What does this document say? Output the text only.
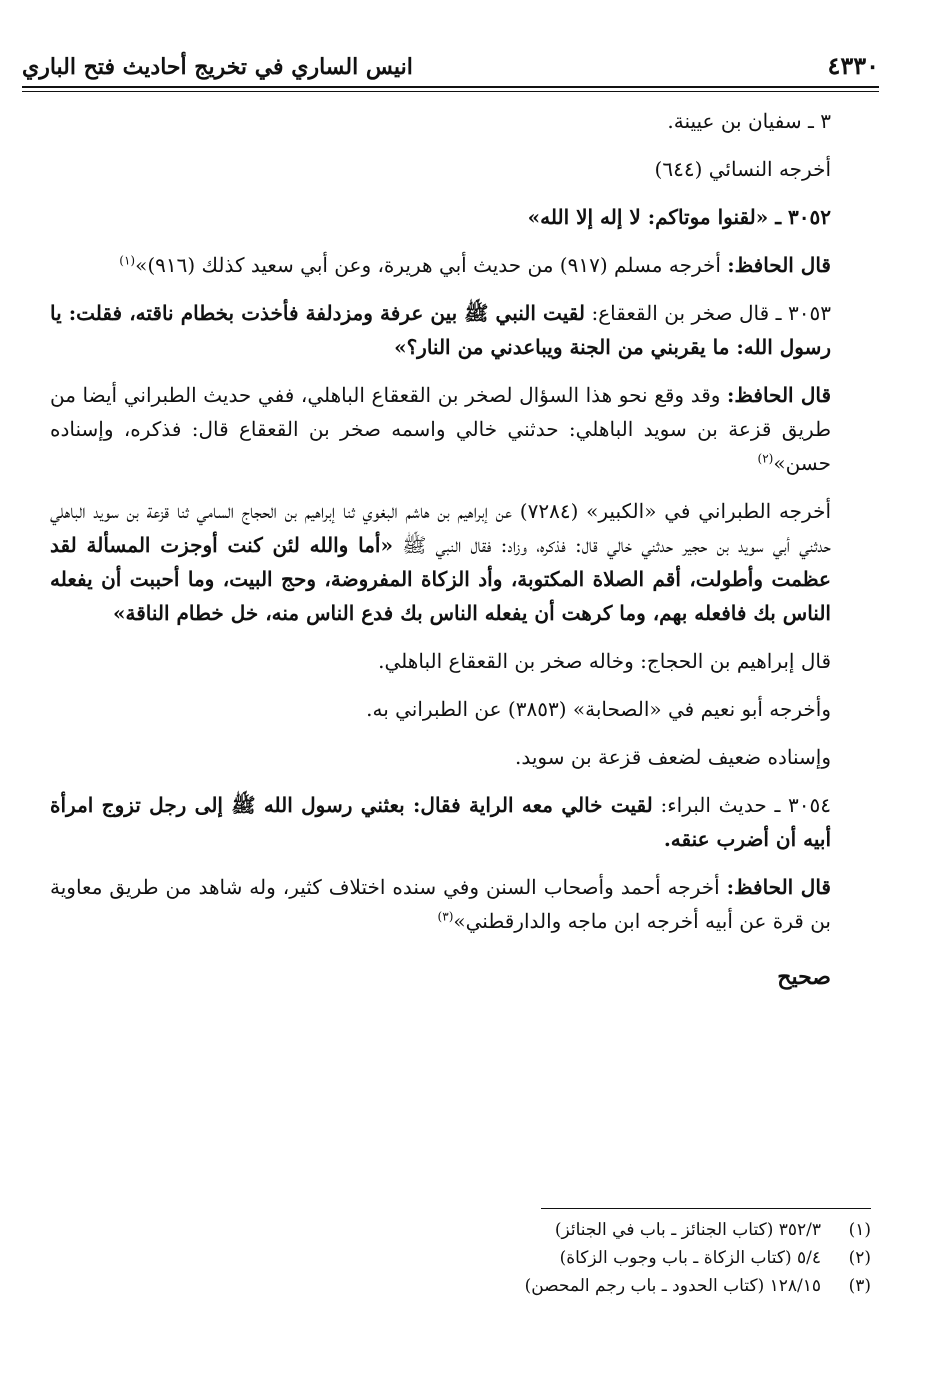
٤٣٣٠
انيس الساري في تخريج أحاديث فتح الباري

٣ ـ سفيان بن عيينة.

أخرجه النسائي (٦٤٤)

٣٠٥٢ ـ «لقنوا موتاكم: لا إله إلا الله»

قال الحافظ: أخرجه مسلم (٩١٧) من حديث أبي هريرة، وعن أبي سعيد كذلك (٩١٦)»$^{(١)}$

٣٠٥٣ ـ قال صخر بن القعقاع: لقيت النبي ﷺ بين عرفة ومزدلفة فأخذت بخطام ناقته، فقلت: يا رسول الله: ما يقربني من الجنة ويباعدني من النار؟»

قال الحافظ: وقد وقع نحو هذا السؤال لصخر بن القعقاع الباهلي، ففي حديث الطبراني أيضا من طريق قزعة بن سويد الباهلي: حدثني خالي واسمه صخر بن القعقاع قال: فذكره، وإسناده حسن»$^{(٢)}$

أخرجه الطبراني في «الكبير» (٧٢٨٤) عن إبراهيم بن هاشم البغوي ثنا إبراهيم بن الحجاج السامي ثنا قزعة بن سويد الباهلي حدثني أبي سويد بن حجير حدثني خالي قال: فذكره، وزاد: فقال النبي ﷺ «أما والله لئن كنت أوجزت المسألة لقد عظمت وأطولت، أقم الصلاة المكتوبة، وأد الزكاة المفروضة، وحج البيت، وما أحببت أن يفعله الناس بك فافعله بهم، وما كرهت أن يفعله الناس بك فدع الناس منه، خل خطام الناقة»

قال إبراهيم بن الحجاج: وخاله صخر بن القعقاع الباهلي.

وأخرجه أبو نعيم في «الصحابة» (٣٨٥٣) عن الطبراني به.

وإسناده ضعيف لضعف قزعة بن سويد.

٣٠٥٤ ـ حديث البراء: لقيت خالي معه الراية فقال: بعثني رسول الله ﷺ إلى رجل تزوج امرأة أبيه أن أضرب عنقه.

قال الحافظ: أخرجه أحمد وأصحاب السنن وفي سنده اختلاف كثير، وله شاهد من طريق معاوية بن قرة عن أبيه أخرجه ابن ماجه والدارقطني»$^{(٣)}$

صحيح

(١)
٣٥٢/٣ (كتاب الجنائز ـ باب في الجنائز)
(٢)
٥/٤ (كتاب الزكاة ـ باب وجوب الزكاة)
(٣)
١٢٨/١٥ (كتاب الحدود ـ باب رجم المحصن)
